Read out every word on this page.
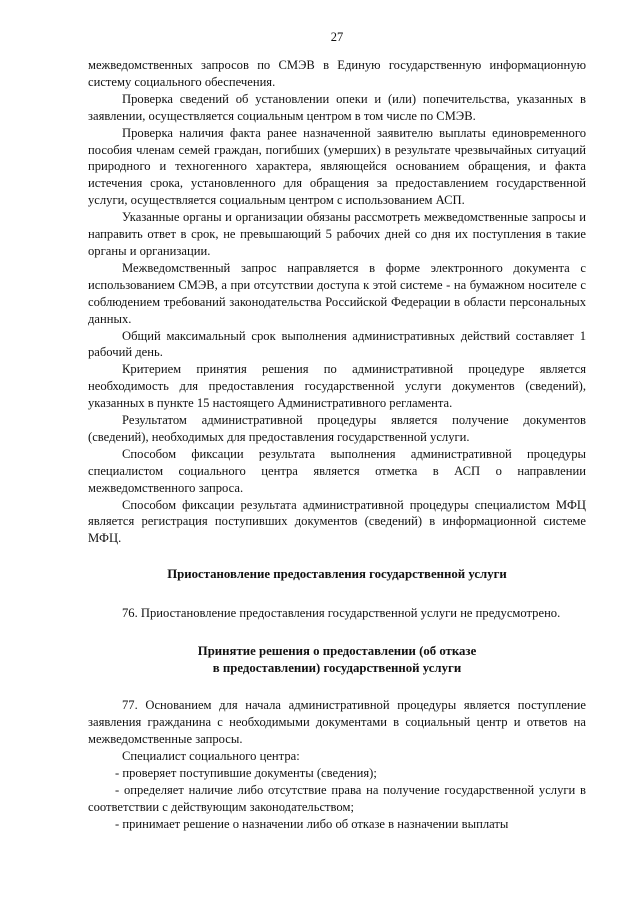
27

межведомственных запросов по СМЭВ в Единую государственную информационную систему социального обеспечения.

Проверка сведений об установлении опеки и (или) попечительства, указанных в заявлении, осуществляется социальным центром в том числе по СМЭВ.

Проверка наличия факта ранее назначенной заявителю выплаты единовременного пособия членам семей граждан, погибших (умерших) в результате чрезвычайных ситуаций природного и техногенного характера, являющейся основанием обращения, и факта истечения срока, установленного для обращения за предоставлением государственной услуги, осуществляется социальным центром с использованием АСП.

Указанные органы и организации обязаны рассмотреть межведомственные запросы и направить ответ в срок, не превышающий 5 рабочих дней со дня их поступления в такие органы и организации.

Межведомственный запрос направляется в форме электронного документа с использованием СМЭВ, а при отсутствии доступа к этой системе - на бумажном носителе с соблюдением требований законодательства Российской Федерации в области персональных данных.

Общий максимальный срок выполнения административных действий составляет 1 рабочий день.

Критерием принятия решения по административной процедуре является необходимость для предоставления государственной услуги документов (сведений), указанных в пункте 15 настоящего Административного регламента.

Результатом административной процедуры является получение документов (сведений), необходимых для предоставления государственной услуги.

Способом фиксации результата выполнения административной процедуры специалистом социального центра является отметка в АСП о направлении межведомственного запроса.

Способом фиксации результата административной процедуры специалистом МФЦ является регистрация поступивших документов (сведений) в информационной системе МФЦ.

Приостановление предоставления государственной услуги

76. Приостановление предоставления государственной услуги не предусмотрено.

Принятие решения о предоставлении (об отказе
в предоставлении) государственной услуги

77. Основанием для начала административной процедуры является поступление заявления гражданина с необходимыми документами в социальный центр и ответов на межведомственные запросы.

Специалист социального центра:

- проверяет поступившие документы (сведения);

- определяет наличие либо отсутствие права на получение государственной услуги в соответствии с действующим законодательством;

- принимает решение о назначении либо об отказе в назначении выплаты
